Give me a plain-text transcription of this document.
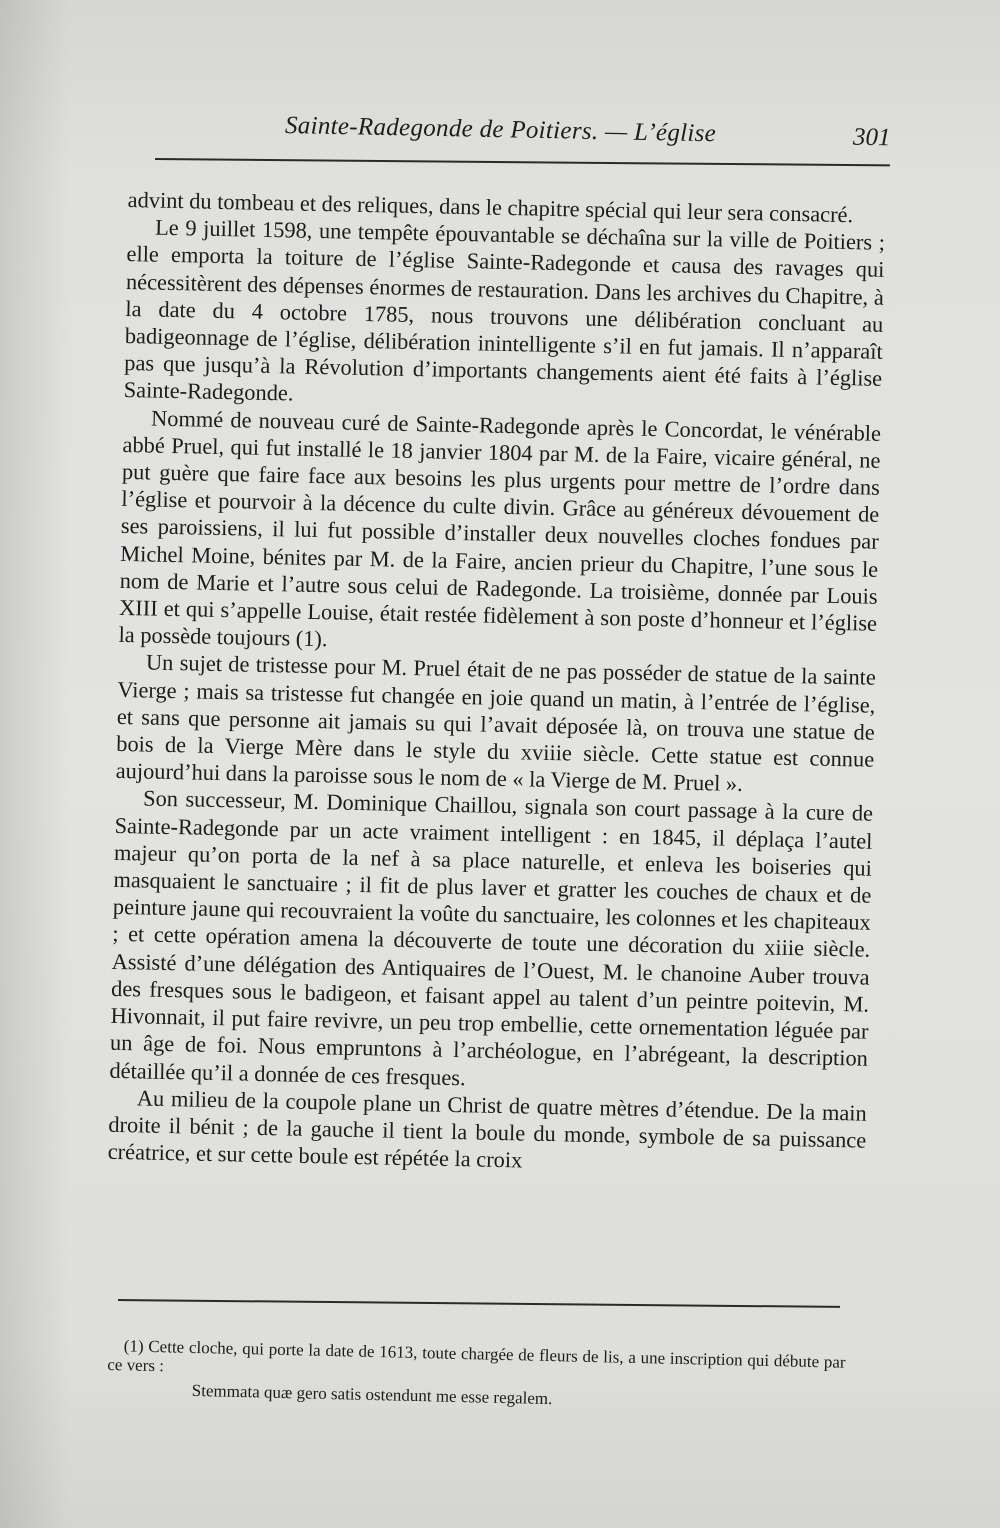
Sainte-Radegonde de Poitiers. — L’église	301

advint du tombeau et des reliques, dans le chapitre spécial qui leur sera consacré.

Le 9 juillet 1598, une tempête épouvantable se déchaîna sur la ville de Poitiers ; elle emporta la toiture de l’église Sainte-Radegonde et causa des ravages qui nécessitèrent des dépenses énormes de restauration. Dans les archives du Chapitre, à la date du 4 octobre 1785, nous trouvons une délibération concluant au badigeonnage de l’église, délibération inintelligente s’il en fut jamais. Il n’apparaît pas que jusqu’à la Révolution d’importants changements aient été faits à l’église Sainte-Radegonde.

Nommé de nouveau curé de Sainte-Radegonde après le Concordat, le vénérable abbé Pruel, qui fut installé le 18 janvier 1804 par M. de la Faire, vicaire général, ne put guère que faire face aux besoins les plus urgents pour mettre de l’ordre dans l’église et pourvoir à la décence du culte divin. Grâce au généreux dévouement de ses paroissiens, il lui fut possible d’installer deux nouvelles cloches fondues par Michel Moine, bénites par M. de la Faire, ancien prieur du Chapitre, l’une sous le nom de Marie et l’autre sous celui de Radegonde. La troisième, donnée par Louis XIII et qui s’appelle Louise, était restée fidèlement à son poste d’honneur et l’église la possède toujours (1).

Un sujet de tristesse pour M. Pruel était de ne pas posséder de statue de la sainte Vierge ; mais sa tristesse fut changée en joie quand un matin, à l’entrée de l’église, et sans que personne ait jamais su qui l’avait déposée là, on trouva une statue de bois de la Vierge Mère dans le style du xviiie siècle. Cette statue est connue aujourd’hui dans la paroisse sous le nom de « la Vierge de M. Pruel ».

Son successeur, M. Dominique Chaillou, signala son court passage à la cure de Sainte-Radegonde par un acte vraiment intelligent : en 1845, il déplaça l’autel majeur qu’on porta de la nef à sa place naturelle, et enleva les boiseries qui masquaient le sanctuaire ; il fit de plus laver et gratter les couches de chaux et de peinture jaune qui recouvraient la voûte du sanctuaire, les colonnes et les chapiteaux ; et cette opération amena la découverte de toute une décoration du xiiie siècle. Assisté d’une délégation des Antiquaires de l’Ouest, M. le chanoine Auber trouva des fresques sous le badigeon, et faisant appel au talent d’un peintre poitevin, M. Hivonnait, il put faire revivre, un peu trop embellie, cette ornementation léguée par un âge de foi. Nous empruntons à l’archéologue, en l’abrégeant, la description détaillée qu’il a donnée de ces fresques.

Au milieu de la coupole plane un Christ de quatre mètres d’étendue. De la main droite il bénit ; de la gauche il tient la boule du monde, symbole de sa puissance créatrice, et sur cette boule est répétée la croix

(1) Cette cloche, qui porte la date de 1613, toute chargée de fleurs de lis, a une inscription qui débute par ce vers :

Stemmata quæ gero satis ostendunt me esse regalem.
